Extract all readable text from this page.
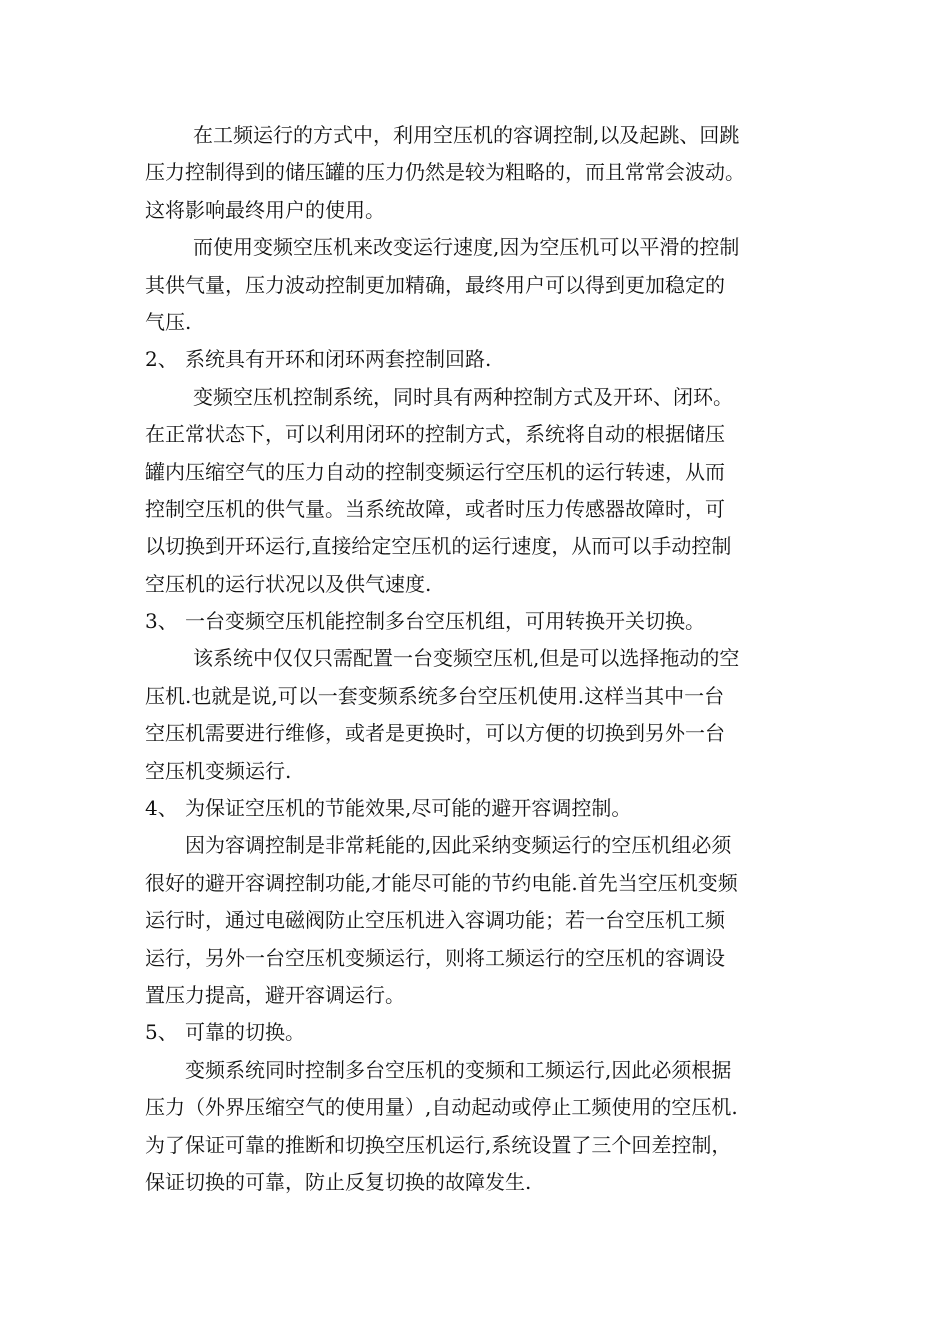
在工频运行的方式中，利用空压机的容调控制,以及起跳、回跳
压力控制得到的储压罐的压力仍然是较为粗略的，而且常常会波动。
这将影响最终用户的使用。
而使用变频空压机来改变运行速度,因为空压机可以平滑的控制
其供气量，压力波动控制更加精确，最终用户可以得到更加稳定的
气压.
2、 系统具有开环和闭环两套控制回路.
变频空压机控制系统，同时具有两种控制方式及开环、闭环。
在正常状态下，可以利用闭环的控制方式，系统将自动的根据储压
罐内压缩空气的压力自动的控制变频运行空压机的运行转速，从而
控制空压机的供气量。当系统故障，或者时压力传感器故障时，可
以切换到开环运行,直接给定空压机的运行速度，从而可以手动控制
空压机的运行状况以及供气速度.
3、 一台变频空压机能控制多台空压机组，可用转换开关切换。
该系统中仅仅只需配置一台变频空压机,但是可以选择拖动的空
压机.也就是说,可以一套变频系统多台空压机使用.这样当其中一台
空压机需要进行维修，或者是更换时，可以方便的切换到另外一台
空压机变频运行.
4、 为保证空压机的节能效果,尽可能的避开容调控制。
因为容调控制是非常耗能的,因此采纳变频运行的空压机组必须
很好的避开容调控制功能,才能尽可能的节约电能.首先当空压机变频
运行时，通过电磁阀防止空压机进入容调功能；若一台空压机工频
运行，另外一台空压机变频运行，则将工频运行的空压机的容调设
置压力提高，避开容调运行。
5、 可靠的切换。
变频系统同时控制多台空压机的变频和工频运行,因此必须根据
压力（外界压缩空气的使用量）,自动起动或停止工频使用的空压机.
为了保证可靠的推断和切换空压机运行,系统设置了三个回差控制，
保证切换的可靠，防止反复切换的故障发生.
